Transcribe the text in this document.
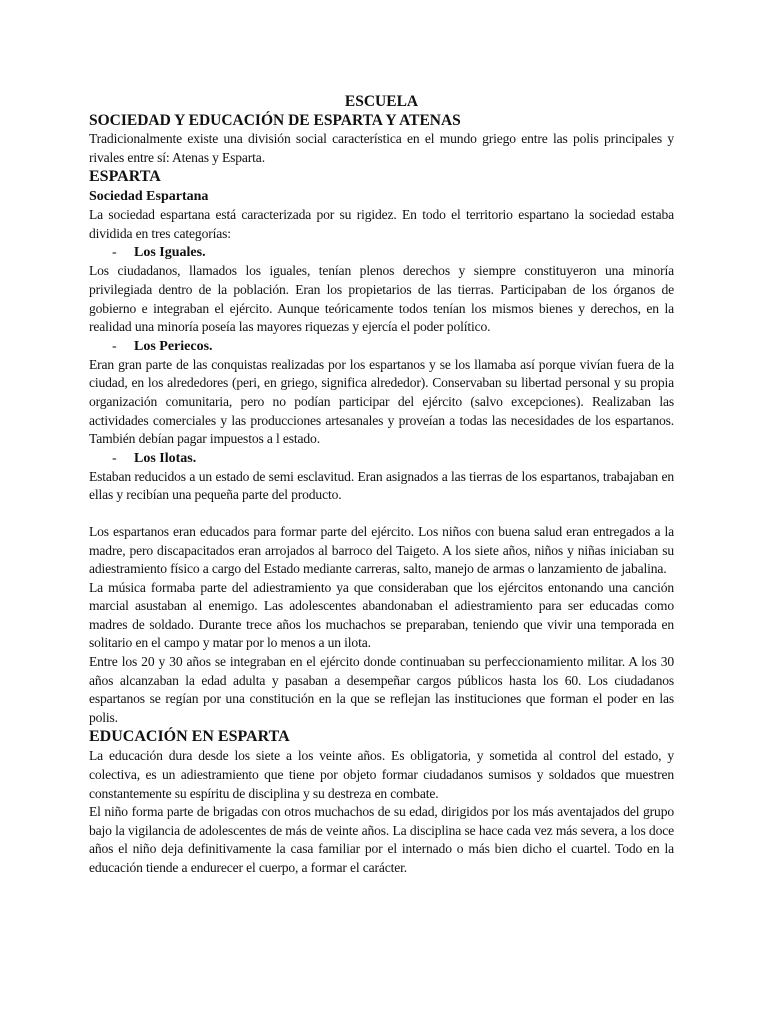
ESCUELA
SOCIEDAD Y EDUCACIÓN DE ESPARTA Y ATENAS

Tradicionalmente existe una división social característica en el mundo griego entre las polis principales y rivales entre sí: Atenas y Esparta.

ESPARTA
Sociedad Espartana

La sociedad espartana está caracterizada por su rigidez. En todo el territorio espartano la sociedad estaba dividida en tres categorías:

-	Los Iguales.

Los ciudadanos, llamados los iguales, tenían plenos derechos y siempre constituyeron una minoría privilegiada dentro de la población. Eran los propietarios de las tierras. Participaban de los órganos de gobierno e integraban el ejército. Aunque teóricamente todos tenían los mismos bienes y derechos, en la realidad una minoría poseía las mayores riquezas y ejercía el poder político.

-	Los Periecos.

Eran gran parte de las conquistas realizadas por los espartanos y se los llamaba así porque vivían fuera de la ciudad, en los alrededores (peri, en griego, significa alrededor). Conservaban su libertad personal y su propia organización comunitaria, pero no podían participar del ejército (salvo excepciones). Realizaban las actividades comerciales y las producciones artesanales y proveían a todas las necesidades de los espartanos. También debían pagar impuestos a l estado.

-	Los Ilotas.

Estaban reducidos a un estado de semi esclavitud. Eran asignados a las tierras de los espartanos, trabajaban en ellas y recibían una pequeña parte del producto.

Los espartanos eran educados para formar parte del ejército. Los niños con buena salud eran entregados a la madre, pero discapacitados eran arrojados al barroco del Taigeto. A los siete años, niños y niñas iniciaban su adiestramiento físico a cargo del Estado mediante carreras, salto, manejo de armas o lanzamiento de jabalina.

La música formaba parte del adiestramiento ya que consideraban que los ejércitos entonando una canción marcial asustaban al enemigo. Las adolescentes abandonaban el adiestramiento para ser educadas como madres de soldado. Durante trece años los muchachos se preparaban, teniendo que vivir una temporada en solitario en el campo y matar por lo menos a un ilota.

Entre los 20 y 30 años se integraban en el ejército donde continuaban su perfeccionamiento militar. A los 30 años alcanzaban la edad adulta y pasaban a desempeñar cargos públicos hasta los 60. Los ciudadanos espartanos se regían por una constitución en la que se reflejan las instituciones que forman el poder en las polis.

EDUCACIÓN EN ESPARTA

La educación dura desde los siete a los veinte años. Es obligatoria, y sometida al control del estado, y colectiva, es un adiestramiento que tiene por objeto formar ciudadanos sumisos y soldados que muestren constantemente su espíritu de disciplina y su destreza en combate.

El niño forma parte de brigadas con otros muchachos de su edad, dirigidos por los más aventajados del grupo bajo la vigilancia de adolescentes de más de veinte años. La disciplina se hace cada vez más severa, a los doce años el niño deja definitivamente la casa familiar por el internado o más bien dicho el cuartel. Todo en la educación tiende a endurecer el cuerpo, a formar el carácter.
